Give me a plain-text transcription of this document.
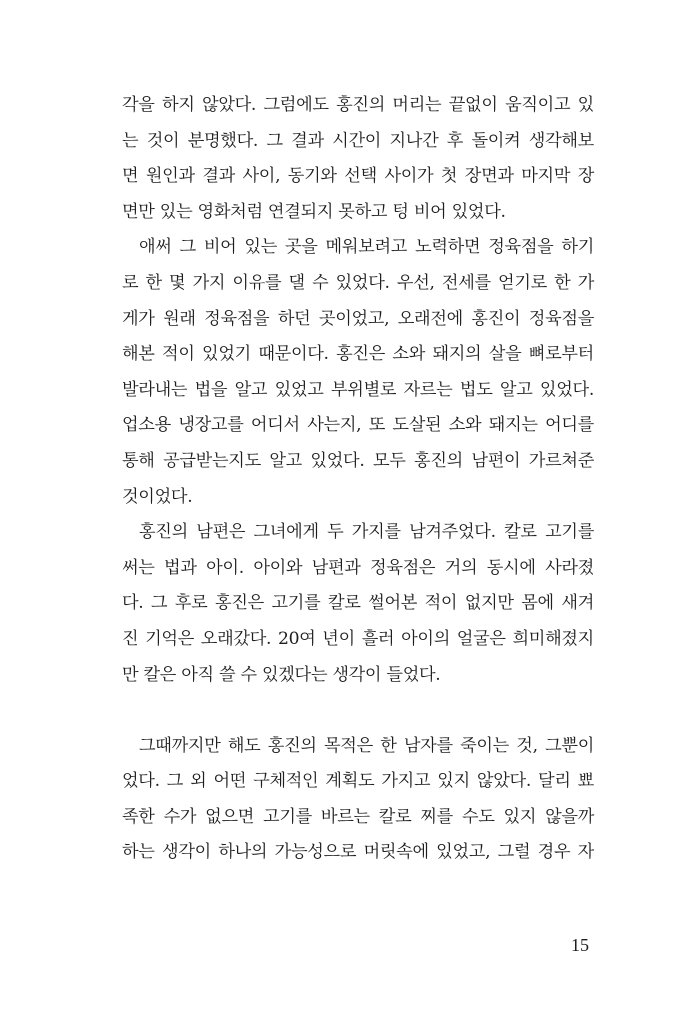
각을 하지 않았다. 그럼에도 홍진의 머리는 끝없이 움직이고 있
는 것이 분명했다. 그 결과 시간이 지나간 후 돌이켜 생각해보
면 원인과 결과 사이, 동기와 선택 사이가 첫 장면과 마지막 장
면만 있는 영화처럼 연결되지 못하고 텅 비어 있었다.
애써 그 비어 있는 곳을 메워보려고 노력하면 정육점을 하기
로 한 몇 가지 이유를 댈 수 있었다. 우선, 전세를 얻기로 한 가
게가 원래 정육점을 하던 곳이었고, 오래전에 홍진이 정육점을
해본 적이 있었기 때문이다. 홍진은 소와 돼지의 살을 뼈로부터
발라내는 법을 알고 있었고 부위별로 자르는 법도 알고 있었다.
업소용 냉장고를 어디서 사는지, 또 도살된 소와 돼지는 어디를
통해 공급받는지도 알고 있었다. 모두 홍진의 남편이 가르쳐준
것이었다.
홍진의 남편은 그녀에게 두 가지를 남겨주었다. 칼로 고기를
써는 법과 아이. 아이와 남편과 정육점은 거의 동시에 사라졌
다. 그 후로 홍진은 고기를 칼로 썰어본 적이 없지만 몸에 새겨
진 기억은 오래갔다. 20여 년이 흘러 아이의 얼굴은 희미해졌지
만 칼은 아직 쓸 수 있겠다는 생각이 들었다.
그때까지만 해도 홍진의 목적은 한 남자를 죽이는 것, 그뿐이
었다. 그 외 어떤 구체적인 계획도 가지고 있지 않았다. 달리 뾰
족한 수가 없으면 고기를 바르는 칼로 찌를 수도 있지 않을까
하는 생각이 하나의 가능성으로 머릿속에 있었고, 그럴 경우 자
15
